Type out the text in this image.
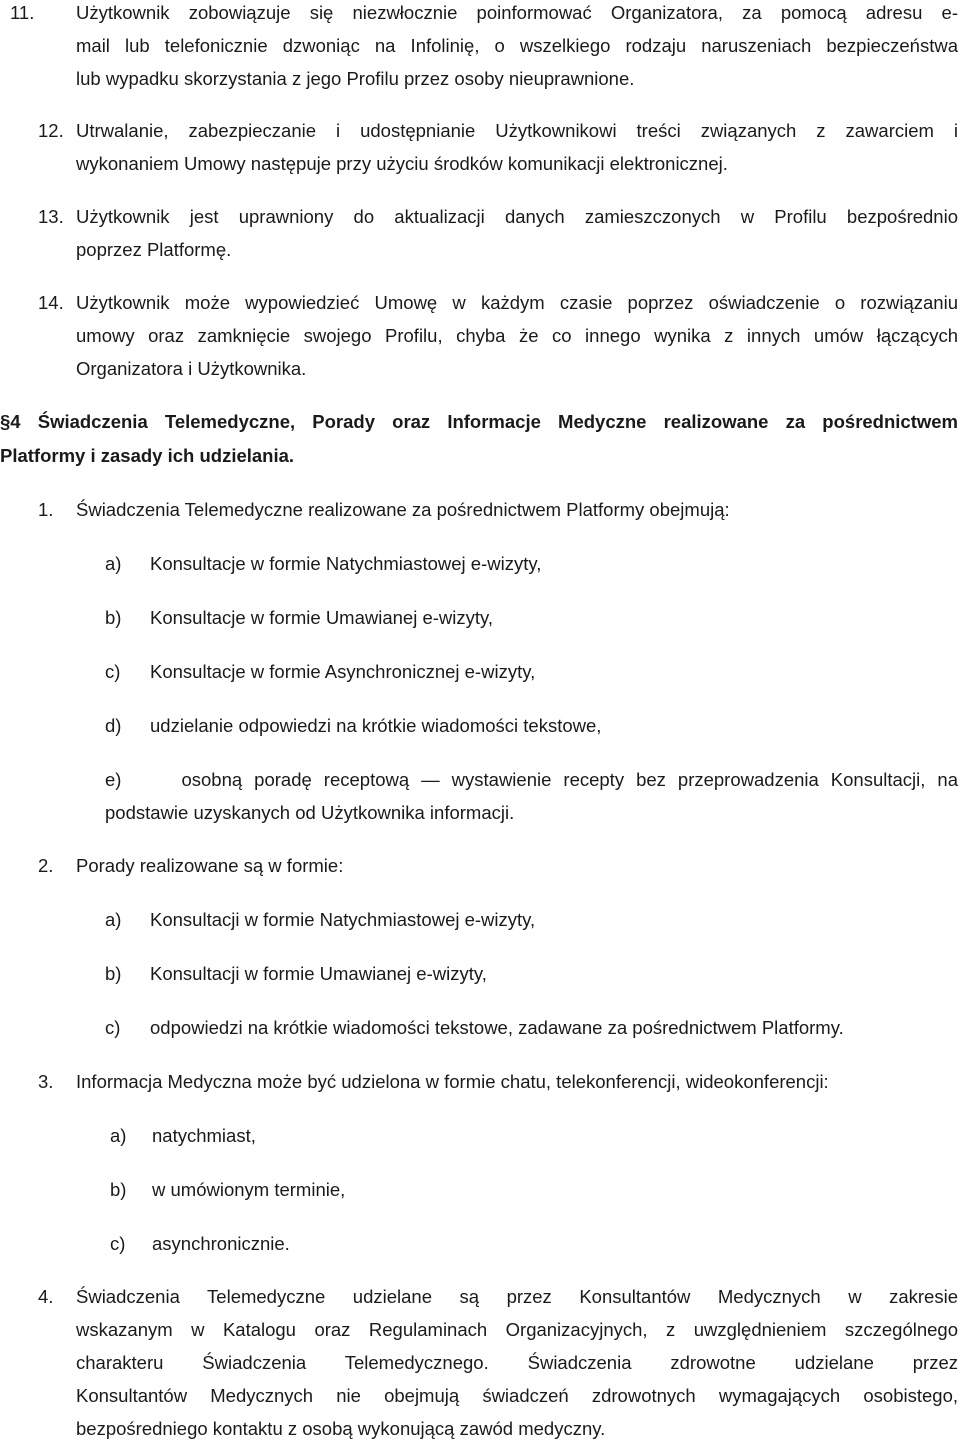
11.	Użytkownik zobowiązuje się niezwłocznie poinformować Organizatora, za pomocą adresu e-
mail lub telefonicznie dzwoniąc na Infolinię, o wszelkiego rodzaju naruszeniach bezpieczeństwa
lub wypadku skorzystania z jego Profilu przez osoby nieuprawnione.
12. Utrwalanie, zabezpieczanie i udostępnianie Użytkownikowi treści związanych z zawarciem i
wykonaniem Umowy następuje przy użyciu środków komunikacji elektronicznej.
13. Użytkownik jest uprawniony do aktualizacji danych zamieszczonych w Profilu bezpośrednio
poprzez Platformę.
14. Użytkownik może wypowiedzieć Umowę w każdym czasie poprzez oświadczenie o rozwiązaniu
umowy oraz zamknięcie swojego Profilu, chyba że co innego wynika z innych umów łączących
Organizatora i Użytkownika.
§4 Świadczenia Telemedyczne, Porady oraz Informacje Medyczne realizowane za pośrednictwem
Platformy i zasady ich udzielania.
1.	Świadczenia Telemedyczne realizowane za pośrednictwem Platformy obejmują:
a) Konsultacje w formie Natychmiastowej e-wizyty,
b) Konsultacje w formie Umawianej e-wizyty,
c) Konsultacje w formie Asynchronicznej e-wizyty,
d) udzielanie odpowiedzi na krótkie wiadomości tekstowe,
e)	osobną poradę receptową — wystawienie recepty bez przeprowadzenia Konsultacji, na
podstawie uzyskanych od Użytkownika informacji.
2.	Porady realizowane są w formie:
a) Konsultacji w formie Natychmiastowej e-wizyty,
b) Konsultacji w formie Umawianej e-wizyty,
c) odpowiedzi na krótkie wiadomości tekstowe, zadawane za pośrednictwem Platformy.
3.	Informacja Medyczna może być udzielona w formie chatu, telekonferencji, wideokonferencji:
a) natychmiast,
b) w umówionym terminie,
c) asynchronicznie.
4.	Świadczenia Telemedyczne udzielane są przez Konsultantów Medycznych w zakresie
wskazanym w Katalogu oraz Regulaminach Organizacyjnych, z uwzględnieniem szczególnego
charakteru Świadczenia Telemedycznego. Świadczenia zdrowotne udzielane przez
Konsultantów Medycznych nie obejmują świadczeń zdrowotnych wymagających osobistego,
bezpośredniego kontaktu z osobą wykonującą zawód medyczny.
